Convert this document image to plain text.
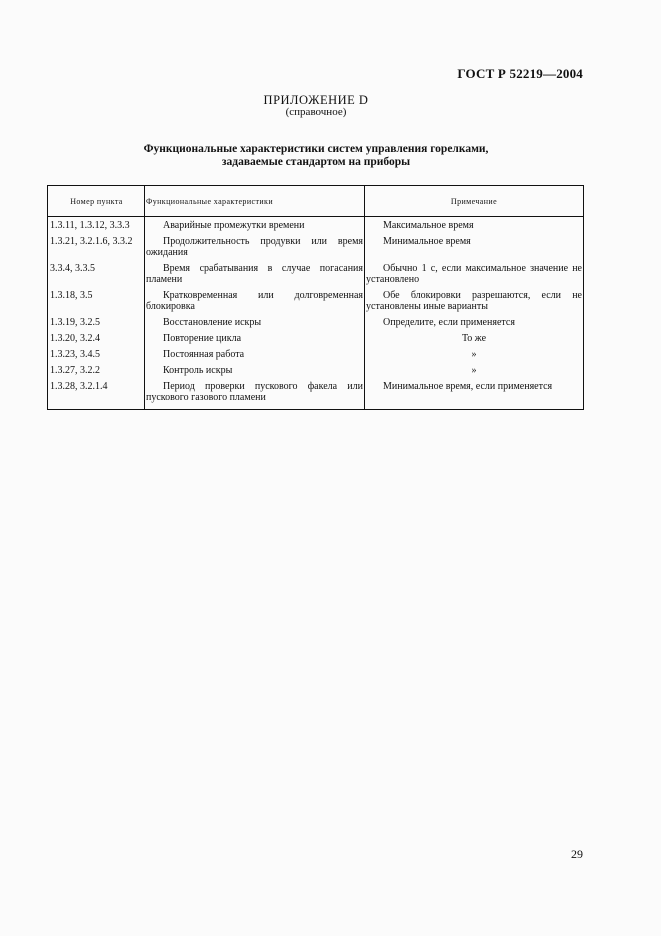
ГОСТ Р 52219—2004
ПРИЛОЖЕНИЕ D
(справочное)
Функциональные характеристики систем управления горелками,
задаваемые стандартом на приборы
Номер пункта	Функциональные характеристики	Примечание
1.3.11, 1.3.12, 3.3.3	Аварийные промежутки времени	Максимальное время
1.3.21, 3.2.1.6, 3.3.2	Продолжительность продувки или время ожидания	Минимальное время
3.3.4, 3.3.5	Время срабатывания в случае погасания пламени	Обычно 1 с, если максимальное значение не установлено
1.3.18, 3.5	Кратковременная или долговременная блокировка	Обе блокировки разрешаются, если не установлены иные варианты
1.3.19, 3.2.5	Восстановление искры	Определите, если применяется
1.3.20, 3.2.4	Повторение цикла	То же
1.3.23, 3.4.5	Постоянная работа	»
1.3.27, 3.2.2	Контроль искры	»
1.3.28, 3.2.1.4	Период проверки пускового факела или пускового газового пламени	Минимальное время, если применяется
29
